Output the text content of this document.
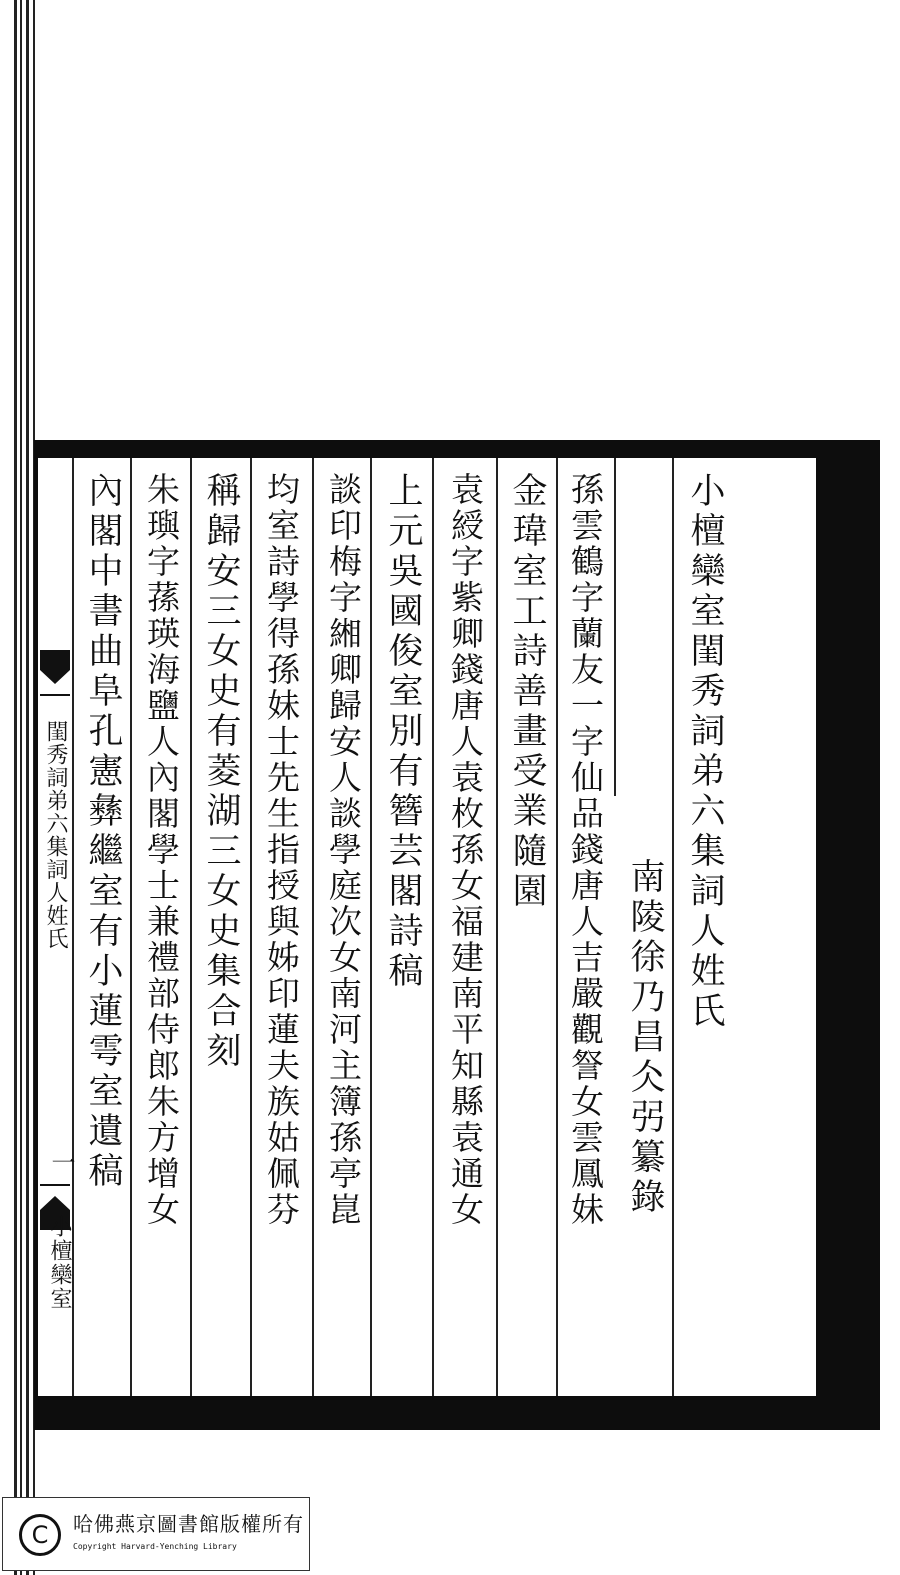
小檀欒室閨秀詞弟六集詞人姓氏
南陵徐乃昌仌弜纂錄
孫雲鶴字蘭友一字仙品錢唐人吉嚴觀詧女雲鳳妹
金瑋室工詩善畫受業隨園
袁綬字紫卿錢唐人袁枚孫女福建南平知縣袁通女
上元吳國俊室別有簪芸閣詩稿
談印梅字緗卿歸安人談學庭次女南河主簿孫亭崑
均室詩學得孫妹士先生指授與姊印蓮夫族姑佩芬
稱歸安三女史有菱湖三女史集合刻
朱璵字蓀瑛海鹽人內閣學士兼禮部侍郎朱方增女
內閣中書曲阜孔憲彝繼室有小蓮雩室遺稿
閨秀詞弟六集詞人姓氏
一
小檀欒室
C	哈佛燕京圖書館版權所有
Copyright Harvard-Yenching Library
